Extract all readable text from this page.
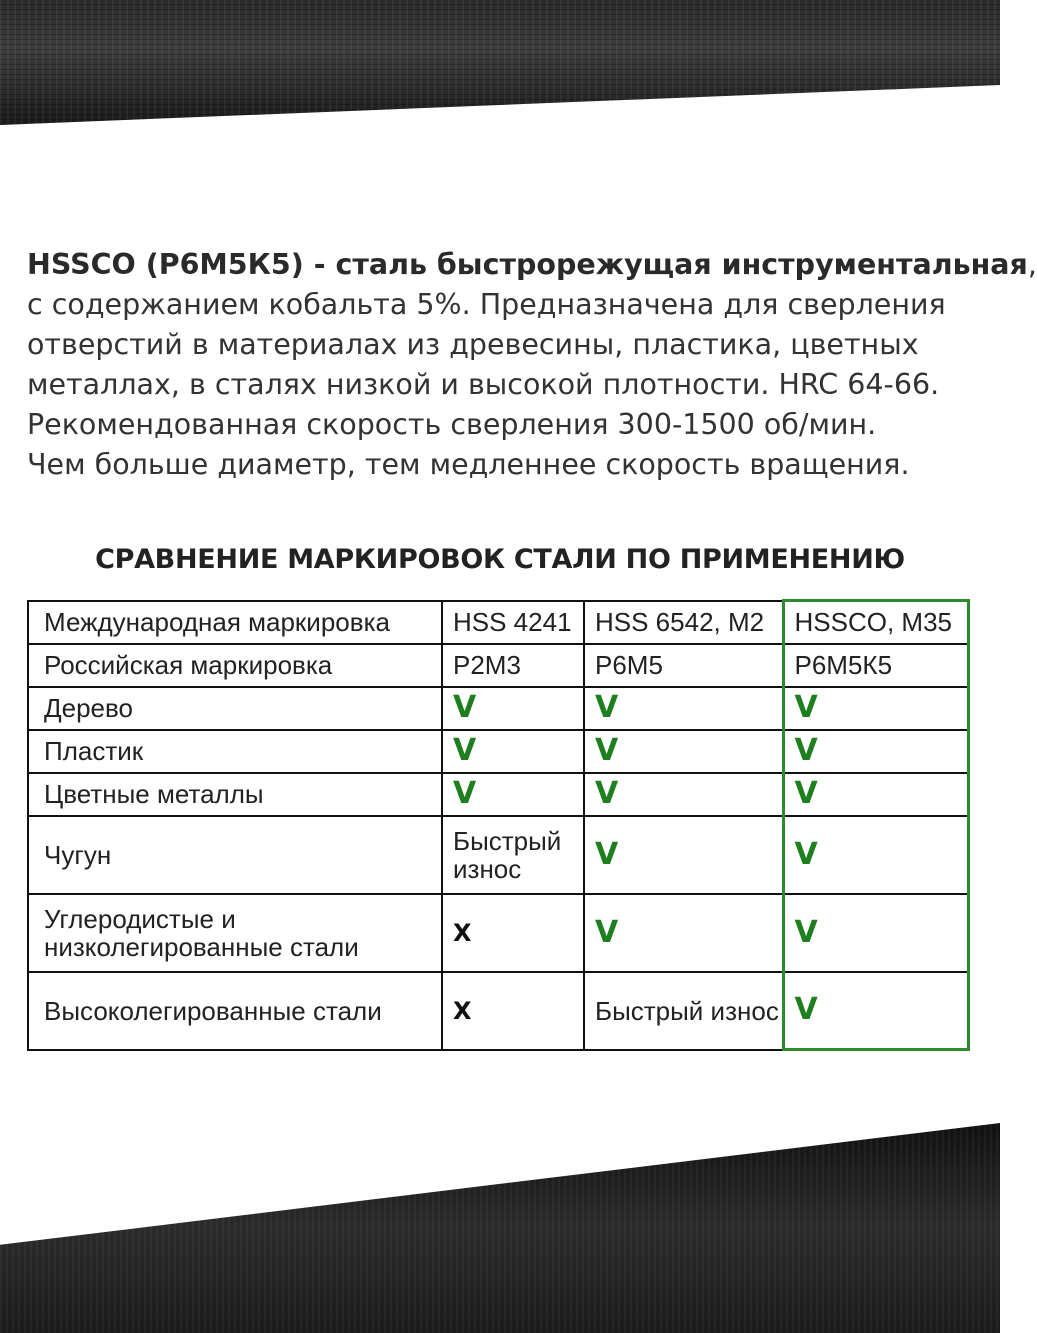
HSSCO (Р6М5К5) - сталь быстрорежущая инструментальная,
с содержанием кобальта 5%. Предназначена для сверления
отверстий в материалах из древесины, пластика, цветных
металлах, в сталях низкой и высокой плотности. HRC 64-66.
Рекомендованная скорость сверления 300-1500 об/мин.
Чем больше диаметр, тем медленнее скорость вращения.
СРАВНЕНИЕ МАРКИРОВОК СТАЛИ ПО ПРИМЕНЕНИЮ
Международная маркировка	HSS 4241	HSS 6542, M2	HSSCO, M35
Российская маркировка	Р2М3	Р6М5	Р6М5К5
Дерево	V	V	V
Пластик	V	V	V
Цветные металлы	V	V	V
Чугун	Быстрый износ	V	V
Углеродистые и низколегированные стали	X	V	V
Высоколегированные стали	X	Быстрый износ	V
